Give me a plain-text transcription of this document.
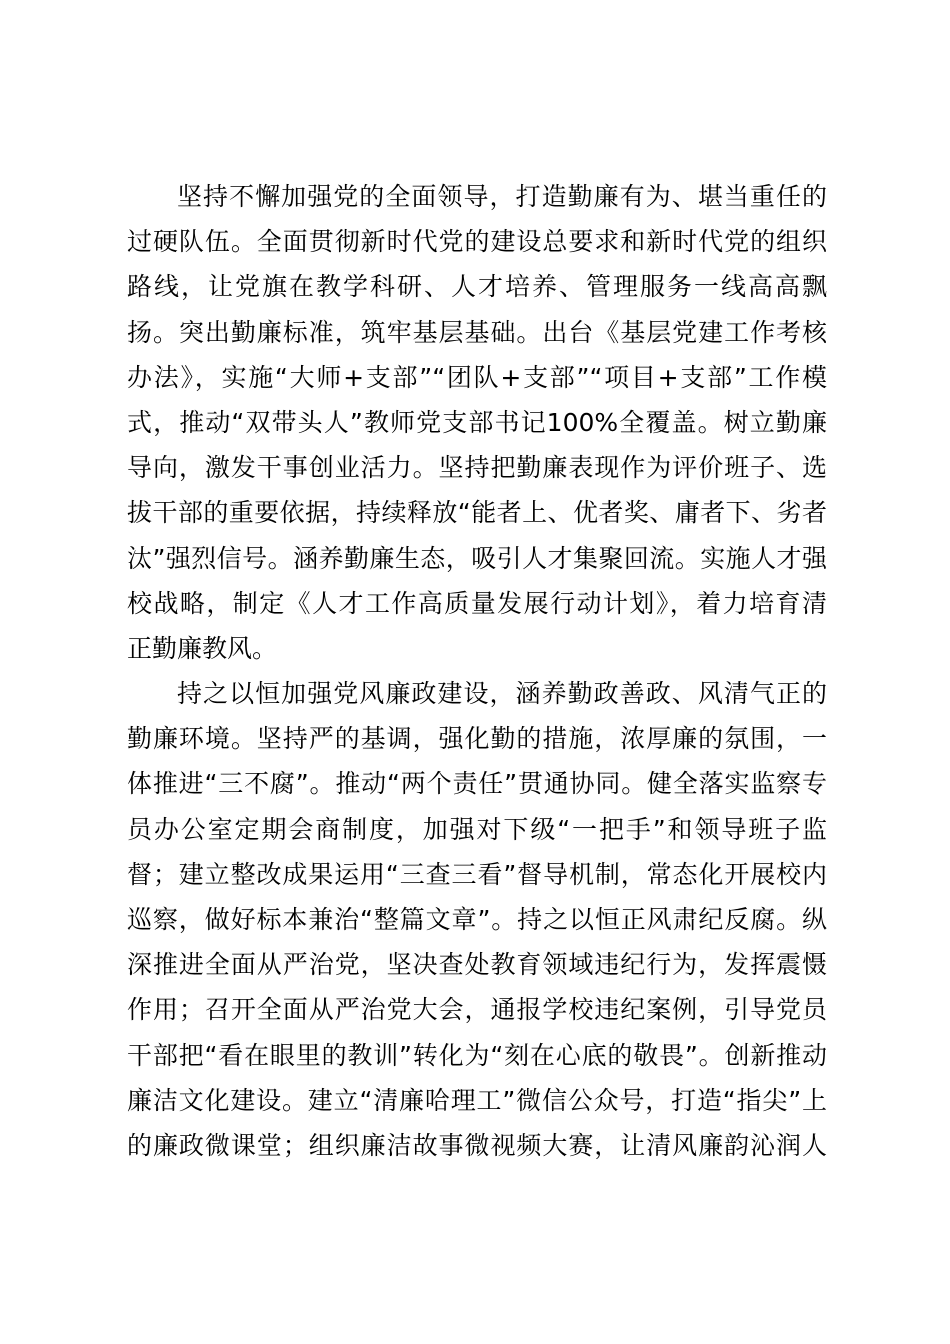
坚持不懈加强党的全面领导，打造勤廉有为、堪当重任的
过硬队伍。全面贯彻新时代党的建设总要求和新时代党的组织
路线，让党旗在教学科研、人才培养、管理服务一线高高飘
扬。突出勤廉标准，筑牢基层基础。出台《基层党建工作考核
办法》，实施“大师+支部”“团队+支部”“项目+支部”工作模
式，推动“双带头人”教师党支部书记100%全覆盖。树立勤廉
导向，激发干事创业活力。坚持把勤廉表现作为评价班子、选
拔干部的重要依据，持续释放“能者上、优者奖、庸者下、劣者
汰”强烈信号。涵养勤廉生态，吸引人才集聚回流。实施人才强
校战略，制定《人才工作高质量发展行动计划》，着力培育清
正勤廉教风。
持之以恒加强党风廉政建设，涵养勤政善政、风清气正的
勤廉环境。坚持严的基调，强化勤的措施，浓厚廉的氛围，一
体推进“三不腐”。推动“两个责任”贯通协同。健全落实监察专
员办公室定期会商制度，加强对下级“一把手”和领导班子监
督；建立整改成果运用“三查三看”督导机制，常态化开展校内
巡察，做好标本兼治“整篇文章”。持之以恒正风肃纪反腐。纵
深推进全面从严治党，坚决查处教育领域违纪行为，发挥震慑
作用；召开全面从严治党大会，通报学校违纪案例，引导党员
干部把“看在眼里的教训”转化为“刻在心底的敬畏”。创新推动
廉洁文化建设。建立“清廉哈理工”微信公众号，打造“指尖”上
的廉政微课堂；组织廉洁故事微视频大赛，让清风廉韵沁润人
